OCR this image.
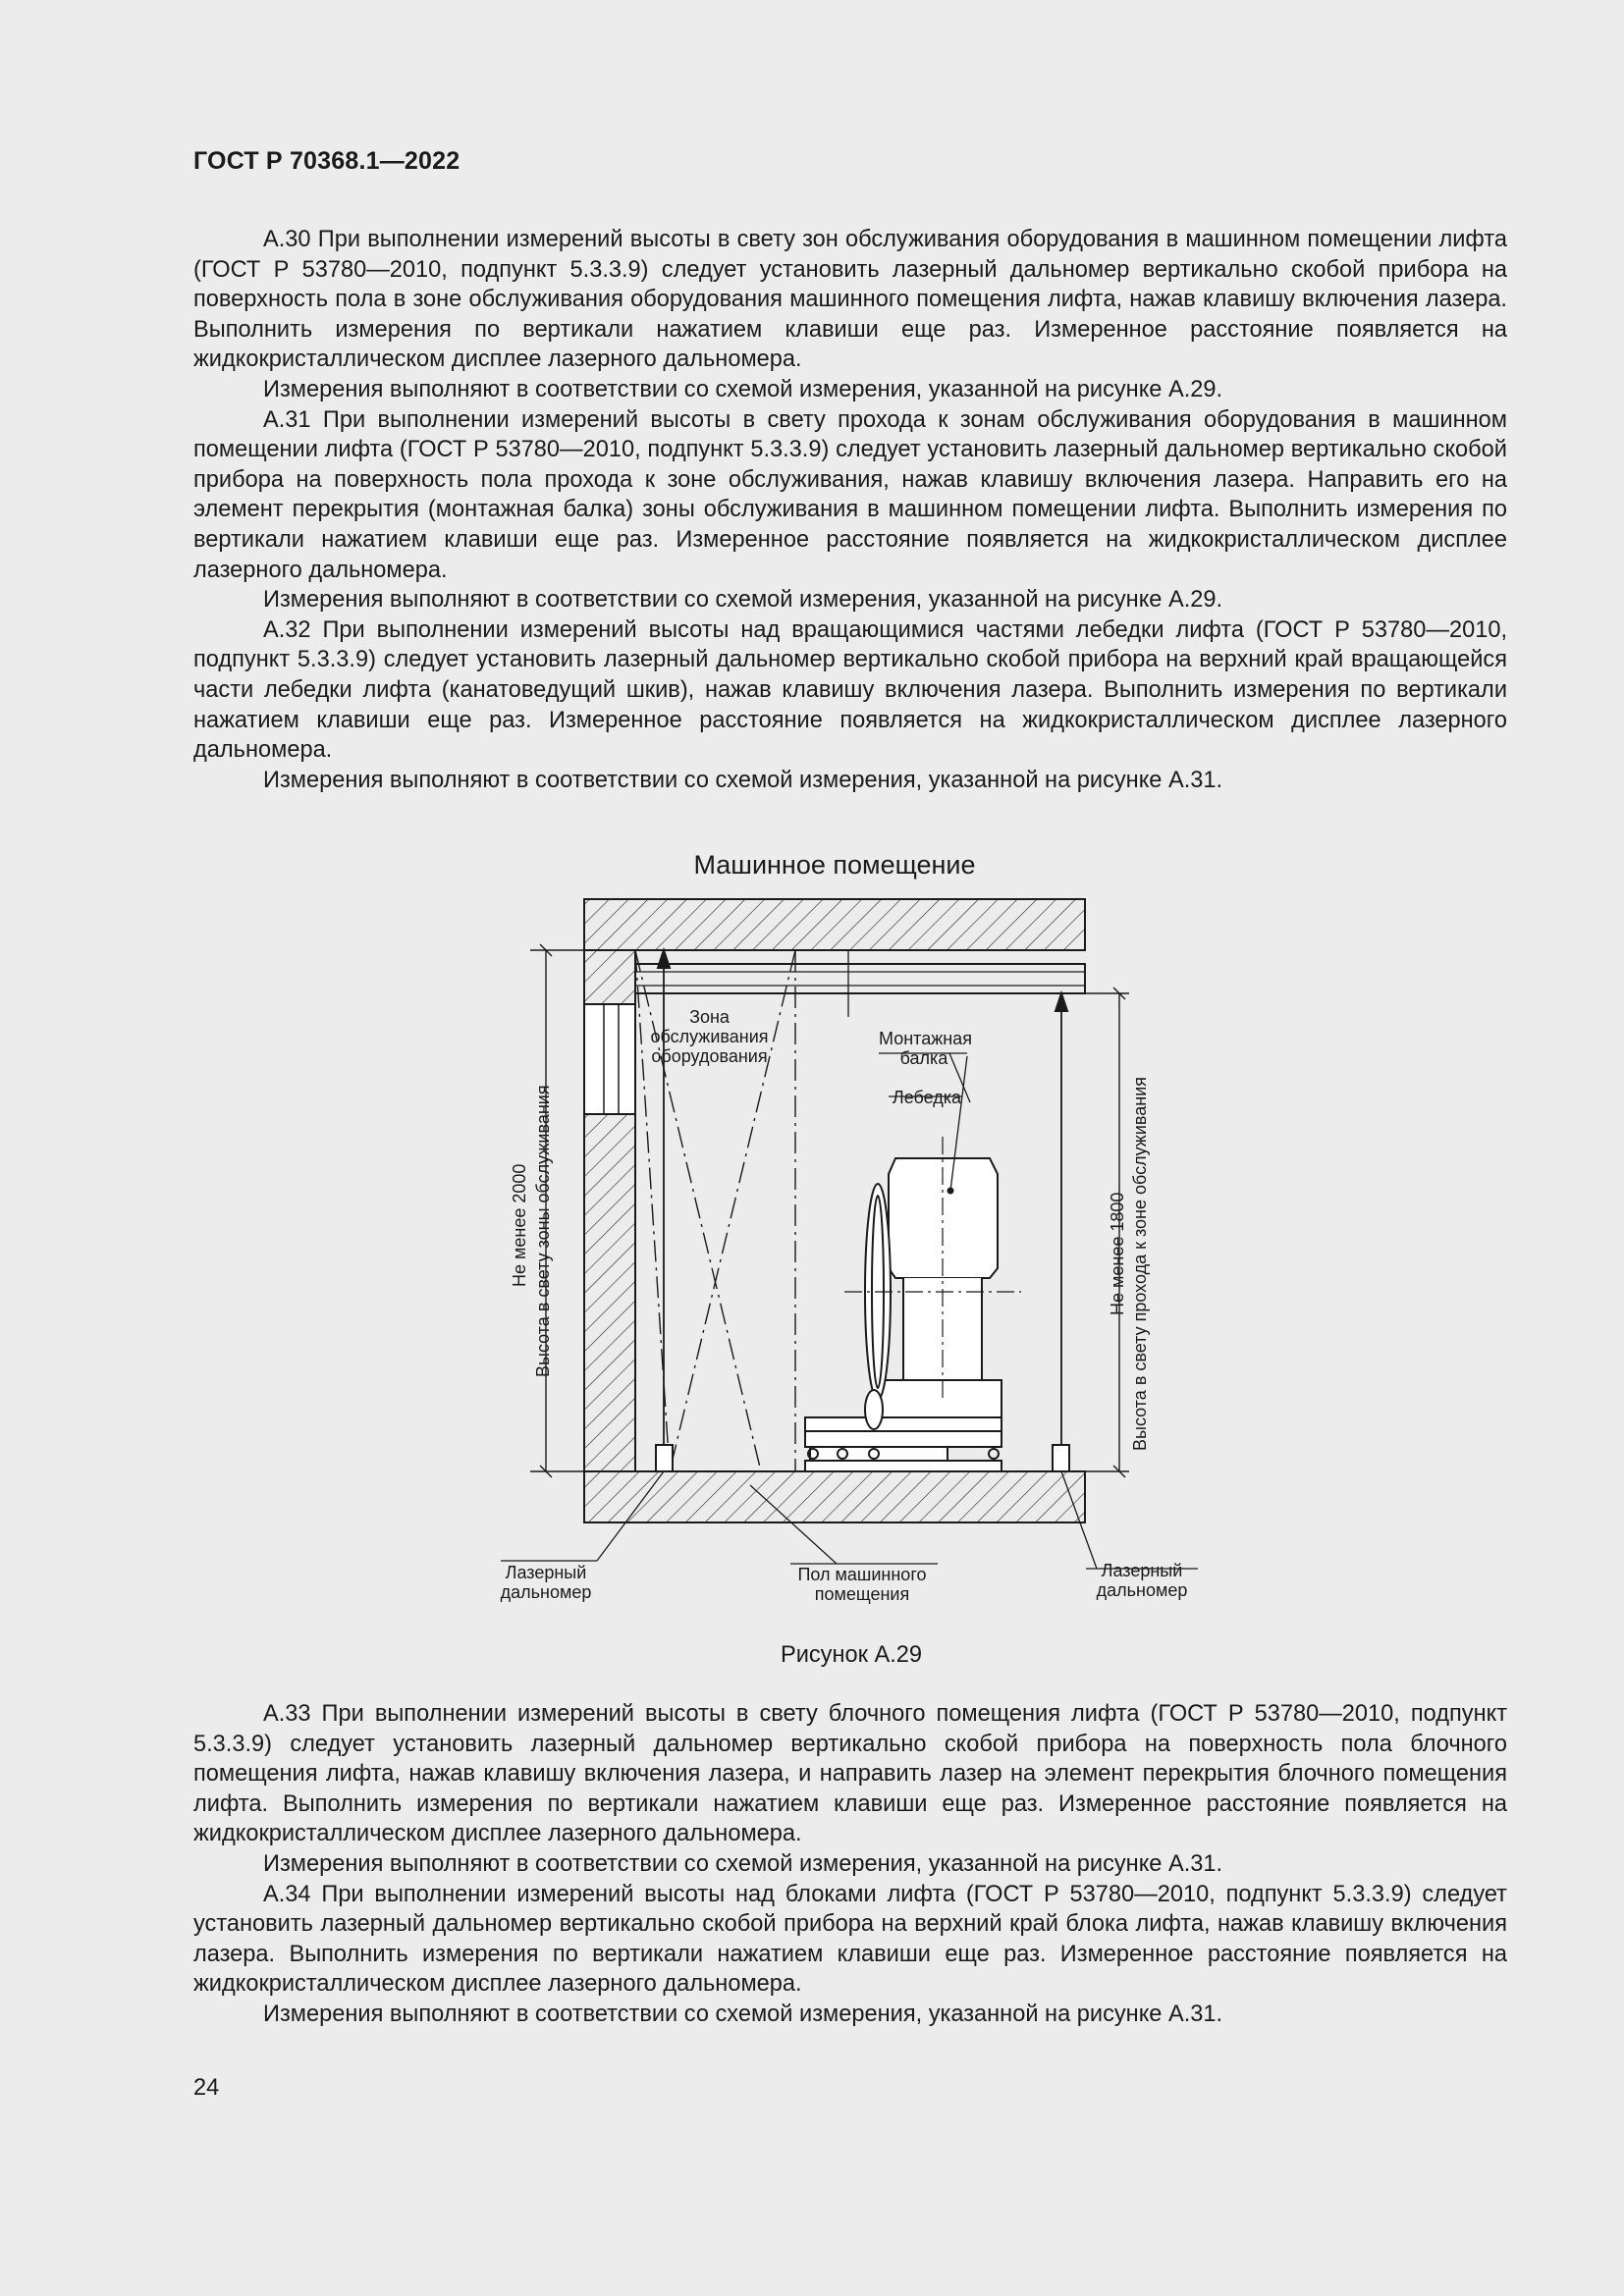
ГОСТ Р 70368.1—2022

А.30 При выполнении измерений высоты в свету зон обслуживания оборудования в машинном помещении лифта (ГОСТ Р 53780—2010, подпункт 5.3.3.9) следует установить лазерный дальномер вертикально скобой прибора на поверхность пола в зоне обслуживания оборудования машинного помещения лифта, нажав клавишу включения лазера. Выполнить измерения по вертикали нажатием клавиши еще раз. Измеренное расстояние появляется на жидкокристаллическом дисплее лазерного дальномера.

Измерения выполняют в соответствии со схемой измерения, указанной на рисунке А.29.

А.31 При выполнении измерений высоты в свету прохода к зонам обслуживания оборудования в машинном помещении лифта (ГОСТ Р 53780—2010, подпункт 5.3.3.9) следует установить лазерный дальномер вертикально скобой прибора на поверхность пола прохода к зоне обслуживания, нажав клавишу включения лазера. Направить его на элемент перекрытия (монтажная балка) зоны обслуживания в машинном помещении лифта. Выполнить измерения по вертикали нажатием клавиши еще раз. Измеренное расстояние появляется на жидкокристаллическом дисплее лазерного дальномера.

Измерения выполняют в соответствии со схемой измерения, указанной на рисунке А.29.

А.32 При выполнении измерений высоты над вращающимися частями лебедки лифта (ГОСТ Р 53780—2010, подпункт 5.3.3.9) следует установить лазерный дальномер вертикально скобой прибора на верхний край вращающейся части лебедки лифта (канатоведущий шкив), нажав клавишу включения лазера. Выполнить измерения по вертикали нажатием клавиши еще раз. Измеренное расстояние появляется на жидкокристаллическом дисплее лазерного дальномера.

Измерения выполняют в соответствии со схемой измерения, указанной на рисунке А.31.

Машинное помещение
Зона обслуживания оборудования
Монтажная балка
Лебедка
Не менее 2000 Высота в свету зоны обслуживания	Не менее 1800 Высота в свету прохода к зоне обслуживания
Лазерный дальномер
Пол машинного помещения
Лазерный дальномер
Рисунок А.29

А.33 При выполнении измерений высоты в свету блочного помещения лифта (ГОСТ Р 53780—2010, подпункт 5.3.3.9) следует установить лазерный дальномер вертикально скобой прибора на поверхность пола блочного помещения лифта, нажав клавишу включения лазера, и направить лазер на элемент перекрытия блочного помещения лифта. Выполнить измерения по вертикали нажатием клавиши еще раз. Измеренное расстояние появляется на жидкокристаллическом дисплее лазерного дальномера.

Измерения выполняют в соответствии со схемой измерения, указанной на рисунке А.31.

А.34 При выполнении измерений высоты над блоками лифта (ГОСТ Р 53780—2010, подпункт 5.3.3.9) следует установить лазерный дальномер вертикально скобой прибора на верхний край блока лифта, нажав клавишу включения лазера. Выполнить измерения по вертикали нажатием клавиши еще раз. Измеренное расстояние появляется на жидкокристаллическом дисплее лазерного дальномера.

Измерения выполняют в соответствии со схемой измерения, указанной на рисунке А.31.

24
